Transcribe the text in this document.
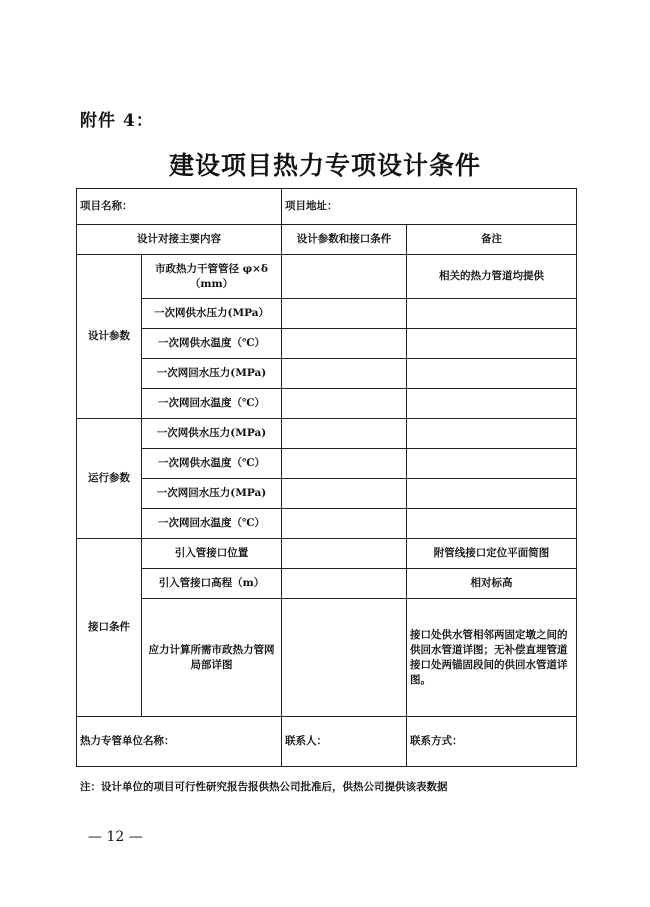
附件 4：
建设项目热力专项设计条件
项目名称：		项目地址：	
设计对接主要内容		设计参数和接口条件	备注
设计参数	市政热力干管管径 φ×δ（mm）		相关的热力管道均提供
	一次网供水压力(MPa）		
	一次网供水温度（℃）		
	一次网回水压力(MPa)		
	一次网回水温度（℃）		
运行参数	一次网供水压力(MPa)		
	一次网供水温度（℃）		
	一次网回水压力(MPa)		
	一次网回水温度（℃）		
接口条件	引入管接口位置		附管线接口定位平面简图
	引入管接口高程（m）		相对标高
	应力计算所需市政热力管网局部详图		接口处供水管相邻两固定墩之间的供回水管道详图；无补偿直埋管道接口处两锚固段间的供回水管道详图。
热力专管单位名称：		联系人：	联系方式：
注：设计单位的项目可行性研究报告报供热公司批准后，供热公司提供该表数据
— 12 —
